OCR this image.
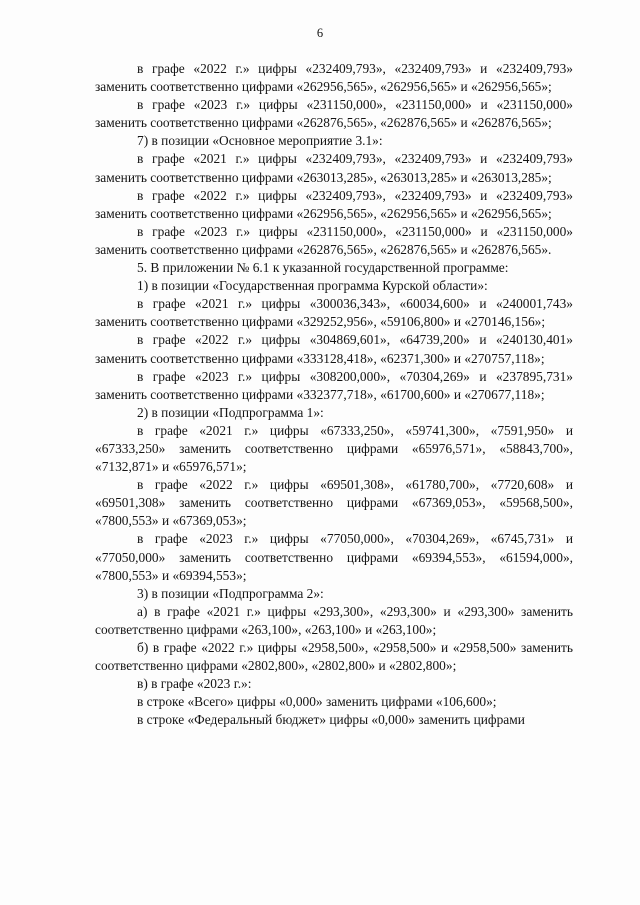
6

в графе «2022 г.» цифры «232409,793», «232409,793» и «232409,793» заменить соответственно цифрами «262956,565», «262956,565» и «262956,565»;

в графе «2023 г.» цифры «231150,000», «231150,000» и «231150,000» заменить соответственно цифрами «262876,565», «262876,565» и «262876,565»;

7) в позиции «Основное мероприятие 3.1»:

в графе «2021 г.» цифры «232409,793», «232409,793» и «232409,793» заменить соответственно цифрами «263013,285», «263013,285» и «263013,285»;

в графе «2022 г.» цифры «232409,793», «232409,793» и «232409,793» заменить соответственно цифрами «262956,565», «262956,565» и «262956,565»;

в графе «2023 г.» цифры «231150,000», «231150,000» и «231150,000» заменить соответственно цифрами «262876,565», «262876,565» и «262876,565».

5. В приложении № 6.1 к указанной государственной программе:

1) в позиции «Государственная программа Курской области»:

в графе «2021 г.» цифры «300036,343», «60034,600» и «240001,743» заменить соответственно цифрами «329252,956», «59106,800» и «270146,156»;

в графе «2022 г.» цифры «304869,601», «64739,200» и «240130,401» заменить соответственно цифрами «333128,418», «62371,300» и «270757,118»;

в графе «2023 г.» цифры «308200,000», «70304,269» и «237895,731» заменить соответственно цифрами «332377,718», «61700,600» и «270677,118»;

2) в позиции «Подпрограмма 1»:

в графе «2021 г.» цифры «67333,250», «59741,300», «7591,950» и «67333,250» заменить соответственно цифрами «65976,571», «58843,700», «7132,871» и «65976,571»;

в графе «2022 г.» цифры «69501,308», «61780,700», «7720,608» и «69501,308» заменить соответственно цифрами «67369,053», «59568,500», «7800,553» и «67369,053»;

в графе «2023 г.» цифры «77050,000», «70304,269», «6745,731» и «77050,000» заменить соответственно цифрами «69394,553», «61594,000», «7800,553» и «69394,553»;

3) в позиции «Подпрограмма 2»:

а) в графе «2021 г.» цифры «293,300», «293,300» и «293,300» заменить соответственно цифрами «263,100», «263,100» и «263,100»;

б) в графе «2022 г.» цифры «2958,500», «2958,500» и «2958,500» заменить соответственно цифрами «2802,800», «2802,800» и «2802,800»;

в) в графе «2023 г.»:

в строке «Всего» цифры «0,000» заменить цифрами «106,600»;

в строке «Федеральный бюджет» цифры «0,000» заменить цифрами
